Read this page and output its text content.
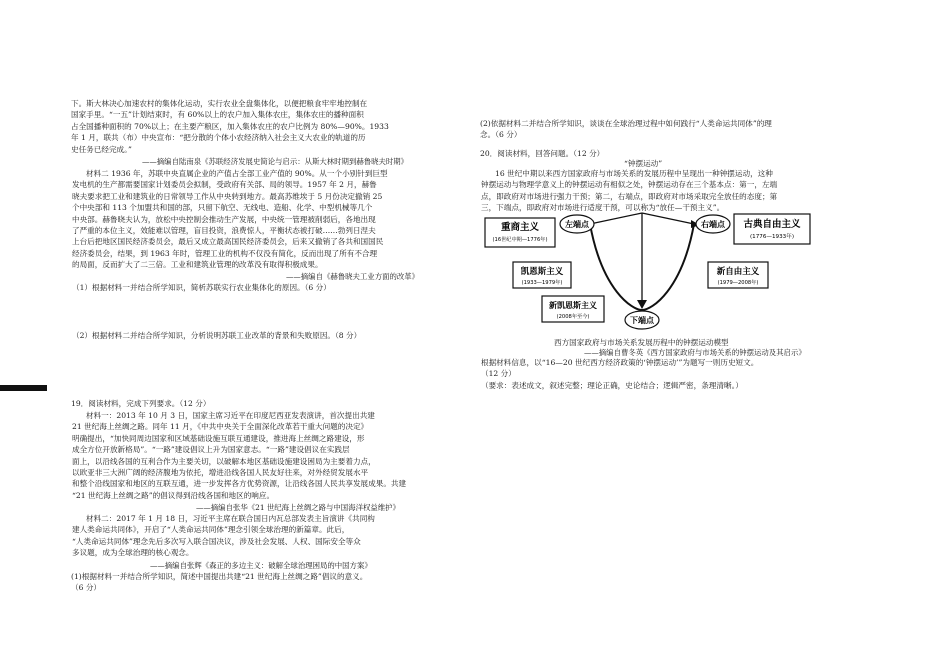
下。斯大林决心加速农村的集体化运动，实行农业全盘集体化，以便把粮食牢牢地控制在
国家手里。“一五”计划结束时，有 60%以上的农户加入集体农庄，集体农庄的播种面积
占全国播种面积的 70%以上；在主要产粮区，加入集体农庄的农户比例为 80%—90%。1933
年 1 月，联共（布）中央宣布：“把分散的个体小农经济纳入社会主义大农业的轨道的历
史任务已经完成。”
——摘编自陆南泉《苏联经济发展史简论与启示：从斯大林时期到赫鲁晓夫时期》
材料二 1936 年，苏联中央直属企业的产值占全部工业产值的 90%。从一个小别针到巨型
发电机的生产都需要国家计划委员会拟制，受政府有关部、局的领导。1957 年 2 月，赫鲁
晓夫要求把工业和建筑业的日常领导工作从中央转到地方。最高苏维埃于 5 月份决定撤销 25
个中央部和 113 个加盟共和国的部，只留下航空、无线电、造船、化学、中型机械等几个
中央部。赫鲁晓夫认为，放松中央控制会推动生产发展，中央统一管理被削弱后，各地出现
了严重的本位主义，效能难以管理，盲目投资，浪费惊人，平衡状态被打破……勃列日涅夫
上台后把地区国民经济委员会，最后又成立最高国民经济委员会，后来又撤销了各共和国国民
经济委员会，结果，到 1963 年时，管理工业的机构不仅没有简化，反而出现了所有不合理
的局面，反而扩大了二三倍。工业和建筑业管理的改革没有取得积极成果。
——摘编自《赫鲁晓夫工业方面的改革》
（1）根据材料一并结合所学知识，简析苏联实行农业集体化的原因。（6 分）
（2）根据材料二并结合所学知识，分析说明苏联工业改革的背景和失败原因。（8 分）
19．阅读材料，完成下列要求。（12 分）
材料一：2013 年 10 月 3 日，国家主席习近平在印度尼西亚发表演讲，首次提出共建
21 世纪海上丝绸之路。同年 11 月，《中共中央关于全面深化改革若干重大问题的决定》
明确提出，“加快同周边国家和区域基础设施互联互通建设，推进海上丝绸之路建设，形
成全方位开放新格局”。“一路”建设倡议上升为国家意志。“一路”建设倡议在实践层
面上，以沿线各国的互利合作为主要关切，以破解本地区基础设施建设困局为主要着力点，
以欧亚非三大洲广阔的经济腹地为依托，增进沿线各国人民友好往来，对外经贸发展水平
和整个沿线国家和地区的互联互通，进一步发挥各方优势资源，让沿线各国人民共享发展成果。共建
“21 世纪海上丝绸之路”的倡议得到沿线各国和地区的响应。
——摘编自张华《21 世纪海上丝绸之路与中国海洋权益维护》
材料二：2017 年 1 月 18 日，习近平主席在联合国日内瓦总部发表主旨演讲《共同构
建人类命运共同体》，开启了“人类命运共同体”理念引领全球治理的新篇章。此后，
“人类命运共同体”理念先后多次写入联合国决议，涉及社会发展、人权、国际安全等众
多议题，成为全球治理的核心观念。
——摘编自张辉《森正的多边主义：破解全球治理困局的中国方案》
(1)根据材料一并结合所学知识，简述中国提出共建“21 世纪海上丝绸之路”倡议的意义。
（6 分）
(2)依据材料二并结合所学知识，谈谈在全球治理过程中如何践行“人类命运共同体”的理
念。（6 分）
20．阅读材料，回答问题。（12 分）
“钟摆运动”
16 世纪中期以来西方国家政府与市场关系的发展历程中呈现出一种钟摆运动，这种
钟摆运动与物理学意义上的钟摆运动有相似之处，钟摆运动存在三个基本点：第一，左端
点，即政府对市场进行强力干预；第二，右端点，即政府对市场采取完全放任的态度；第
三，下端点，即政府对市场进行适度干预，可以称为“放任—干预主义”。
重商主义
(16世纪中期—1776年)
左端点	右端点 古典自由主义
(1776—1933年)
凯恩斯主义
(1933—1979年)
新自由主义
(1979—2008年)
新凯恩斯主义
(2008年至今)	下端点
西方国家政府与市场关系发展历程中的钟摆运动模型
——摘编自曹冬英《西方国家政府与市场关系的钟摆运动及其启示》
根据材料信息，以“16—20 世纪西方经济政策的‘钟摆运动’”为题写一则历史短文。
（12 分）
（要求：表述成文，叙述完整；理论正确，史论结合；逻辑严密，条理清晰。）
